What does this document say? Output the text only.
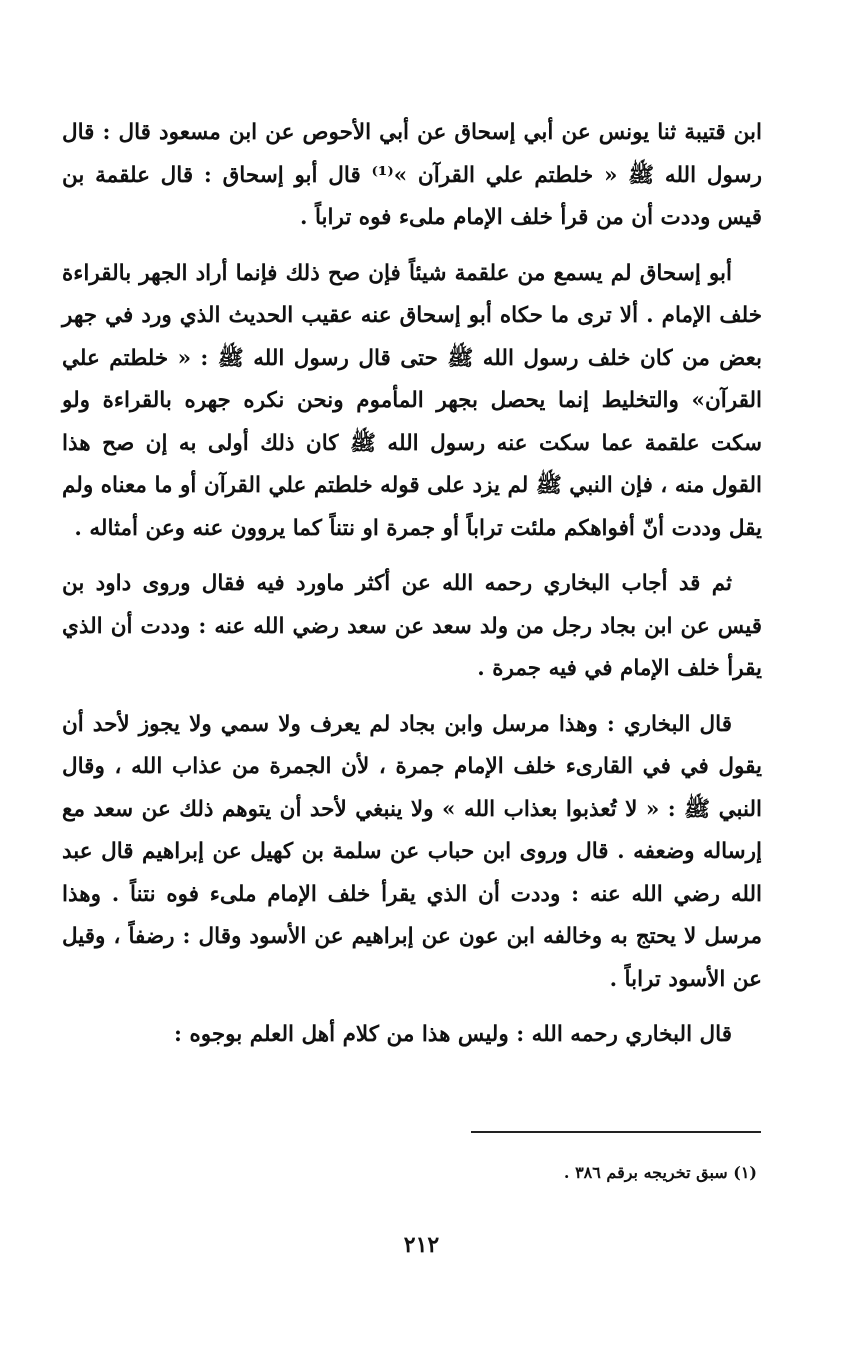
ابن قتيبة ثنا يونس عن أبي إسحاق عن أبي الأحوص عن ابن مسعود قال : قال رسول الله ﷺ « خلطتم علي القرآن »⁽¹⁾ قال أبو إسحاق : قال علقمة بن قيس وددت أن من قرأ خلف الإمام ملىء فوه تراباً .

أبو إسحاق لم يسمع من علقمة شيئاً فإن صح ذلك فإنما أراد الجهر بالقراءة خلف الإمام . ألا ترى ما حكاه أبو إسحاق عنه عقيب الحديث الذي ورد في جهر بعض من كان خلف رسول الله ﷺ حتى قال رسول الله ﷺ : « خلطتم علي القرآن» والتخليط إنما يحصل بجهر المأموم ونحن نكره جهره بالقراءة ولو سكت علقمة عما سكت عنه رسول الله ﷺ كان ذلك أولى به إن صح هذا القول منه ، فإن النبي ﷺ لم يزد على قوله خلطتم علي القرآن أو ما معناه ولم يقل وددت أنّ أفواهكم ملئت تراباً أو جمرة او نتناً كما يروون عنه وعن أمثاله .

ثم قد أجاب البخاري رحمه الله عن أكثر ماورد فيه فقال وروى داود بن قيس عن ابن بجاد رجل من ولد سعد عن سعد رضي الله عنه : وددت أن الذي يقرأ خلف الإمام في فيه جمرة .

قال البخاري : وهذا مرسل وابن بجاد لم يعرف ولا سمي ولا يجوز لأحد أن يقول في في القارىء خلف الإمام جمرة ، لأن الجمرة من عذاب الله ، وقال النبي ﷺ : « لا تُعذبوا بعذاب الله » ولا ينبغي لأحد أن يتوهم ذلك عن سعد مع إرساله وضعفه . قال وروى ابن حباب عن سلمة بن كهيل عن إبراهيم قال عبد الله رضي الله عنه : وددت أن الذي يقرأ خلف الإمام ملىء فوه نتناً . وهذا مرسل لا يحتج به وخالفه ابن عون عن إبراهيم عن الأسود وقال : رضفاً ، وقيل عن الأسود تراباً .

قال البخاري رحمه الله : وليس هذا من كلام أهل العلم بوجوه :

(١) سبق تخريجه برقم ٣٨٦ .
٢١٢
